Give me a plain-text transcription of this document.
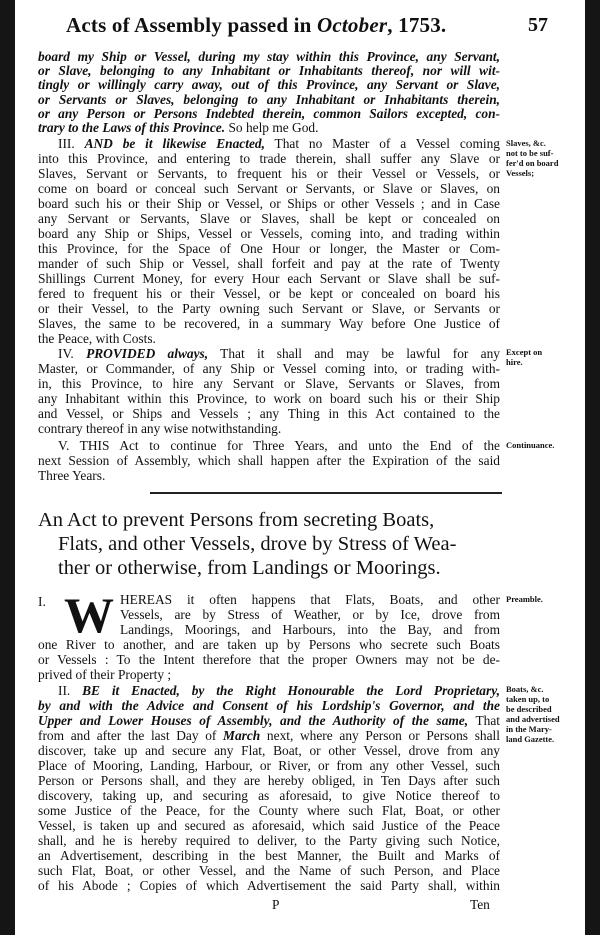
Acts of Assembly passed in October, 1753.	57
board my Ship or Vessel, during my stay within this Province, any Servant,
or Slave, belonging to any Inhabitant or Inhabitants thereof, nor will wit-
tingly or willingly carry away, out of this Province, any Servant or Slave,
or Servants or Slaves, belonging to any Inhabitant or Inhabitants therein,
or any Person or Persons Indebted therein, common Sailors excepted, con-
trary to the Laws of this Province. So help me God.
III. AND be it likewise Enacted, That no Master of a Vessel coming
into this Province, and entering to trade therein, shall suffer any Slave or
Slaves, Servant or Servants, to frequent his or their Vessel or Vessels, or
come on board or conceal such Servant or Servants, or Slave or Slaves, on
board such his or their Ship or Vessel, or Ships or other Vessels ; and in Case
any Servant or Servants, Slave or Slaves, shall be kept or concealed on
board any Ship or Ships, Vessel or Vessels, coming into, and trading within
this Province, for the Space of One Hour or longer, the Master or Com-
mander of such Ship or Vessel, shall forfeit and pay at the rate of Twenty
Shillings Current Money, for every Hour each Servant or Slave shall be suf-
fered to frequent his or their Vessel, or be kept or concealed on board his
or their Vessel, to the Party owning such Servant or Slave, or Servants or
Slaves, the same to be recovered, in a summary Way before One Justice of
the Peace, with Costs.
IV. PROVIDED always, That it shall and may be lawful for any
Master, or Commander, of any Ship or Vessel coming into, or trading with-
in, this Province, to hire any Servant or Slave, Servants or Slaves, from
any Inhabitant within this Province, to work on board such his or their Ship
and Vessel, or Ships and Vessels ; any Thing in this Act contained to the
contrary thereof in any wise notwithstanding.
V. THIS Act to continue for Three Years, and unto the End of the
next Session of Assembly, which shall happen after the Expiration of the said
Three Years.
An Act to prevent Persons from secreting Boats,
Flats, and other Vessels, drove by Stress of Wea-
ther or otherwise, from Landings or Moorings.
I. W HEREAS it often happens that Flats, Boats, and other
Vessels, are by Stress of Weather, or by Ice, drove from
Landings, Moorings, and Harbours, into the Bay, and from
one River to another, and are taken up by Persons who secrete such Boats
or Vessels : To the Intent therefore that the proper Owners may not be de-
prived of their Property ;
II. BE it Enacted, by the Right Honourable the Lord Proprietary,
by and with the Advice and Consent of his Lordship's Governor, and the
Upper and Lower Houses of Assembly, and the Authority of the same, That
from and after the last Day of March next, where any Person or Persons shall
discover, take up and secure any Flat, Boat, or other Vessel, drove from any
Place of Mooring, Landing, Harbour, or River, or from any other Vessel, such
Person or Persons shall, and they are hereby obliged, in Ten Days after such
discovery, taking up, and securing as aforesaid, to give Notice thereof to
some Justice of the Peace, for the County where such Flat, Boat, or other
Vessel, is taken up and secured as aforesaid, which said Justice of the Peace
shall, and he is hereby required to deliver, to the Party giving such Notice,
an Advertisement, describing in the best Manner, the Built and Marks of
such Flat, Boat, or other Vessel, and the Name of such Person, and Place
of his Abode ; Copies of which Advertisement the said Party shall, within
P	Ten
Slaves, &c.
not to be suf-
fer'd on board
Vessels;
Except on
hire.
Continuance.
Preamble.
Boats, &c.
taken up, to
be described
and advertised
in the Mary-
land Gazette.
